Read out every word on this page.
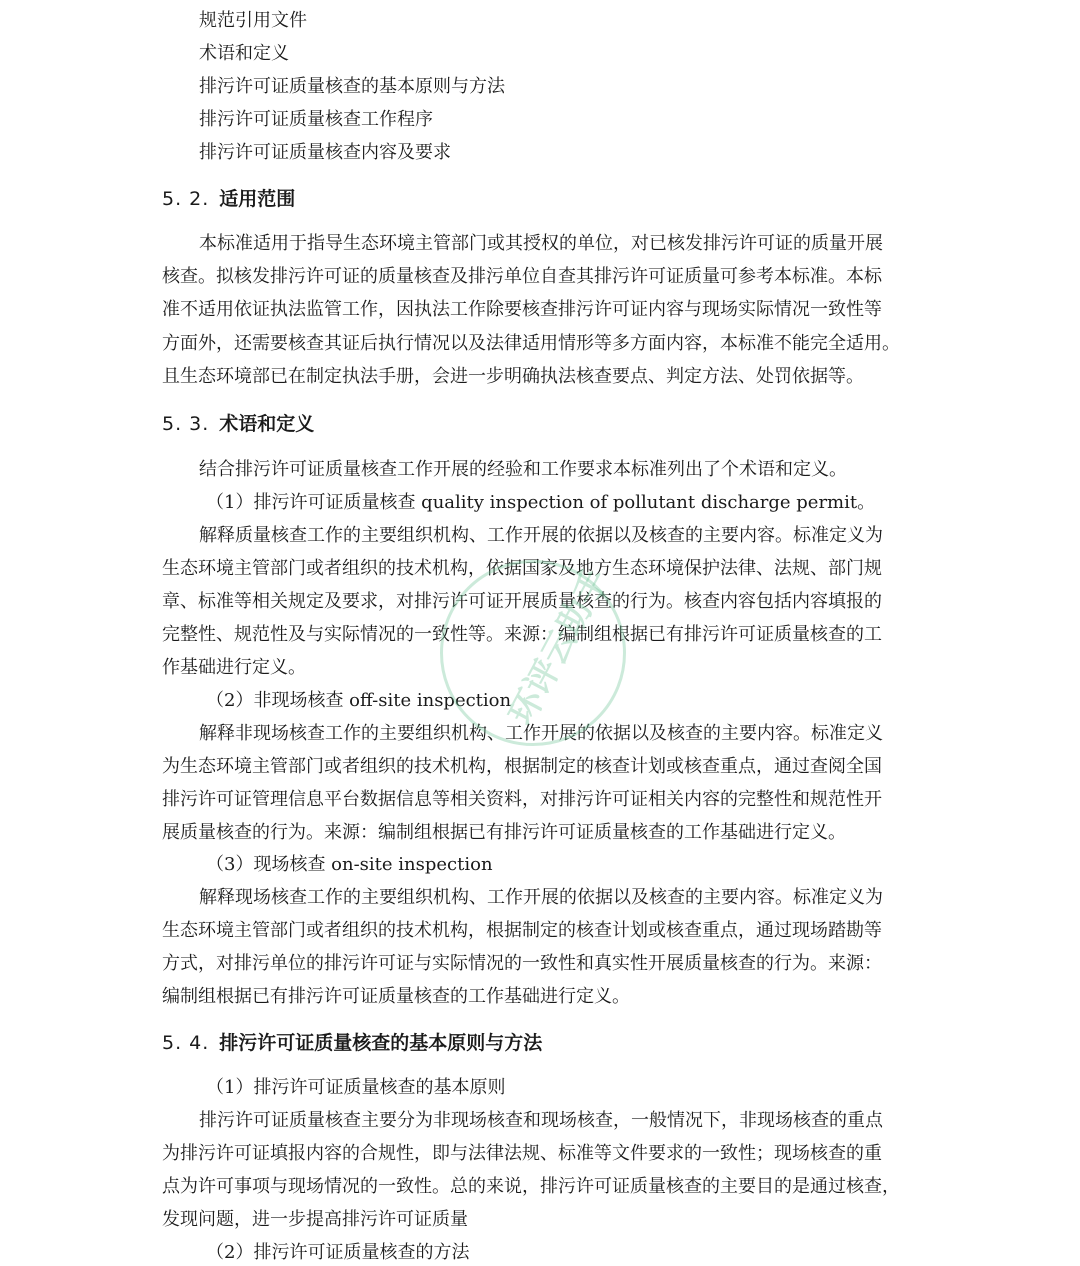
规范引用文件

术语和定义

排污许可证质量核查的基本原则与方法

排污许可证质量核查工作程序

排污许可证质量核查内容及要求

5. 2. 适用范围

本标准适用于指导生态环境主管部门或其授权的单位，对已核发排污许可证的质量开展

核查。拟核发排污许可证的质量核查及排污单位自查其排污许可证质量可参考本标准。本标

准不适用依证执法监管工作，因执法工作除要核查排污许可证内容与现场实际情况一致性等

方面外，还需要核查其证后执行情况以及法律适用情形等多方面内容，本标准不能完全适用。

且生态环境部已在制定执法手册，会进一步明确执法核查要点、判定方法、处罚依据等。

5. 3. 术语和定义

结合排污许可证质量核查工作开展的经验和工作要求本标准列出了个术语和定义。

（1）排污许可证质量核查 quality inspection of pollutant discharge permit。

解释质量核查工作的主要组织机构、工作开展的依据以及核查的主要内容。标准定义为

生态环境主管部门或者组织的技术机构，依据国家及地方生态环境保护法律、法规、部门规

章、标准等相关规定及要求，对排污许可证开展质量核查的行为。核查内容包括内容填报的

完整性、规范性及与实际情况的一致性等。来源：编制组根据已有排污许可证质量核查的工

作基础进行定义。

（2）非现场核查 off-site inspection

解释非现场核查工作的主要组织机构、工作开展的依据以及核查的主要内容。标准定义

为生态环境主管部门或者组织的技术机构，根据制定的核查计划或核查重点，通过查阅全国

排污许可证管理信息平台数据信息等相关资料，对排污许可证相关内容的完整性和规范性开

展质量核查的行为。来源：编制组根据已有排污许可证质量核查的工作基础进行定义。

（3）现场核查 on-site inspection

解释现场核查工作的主要组织机构、工作开展的依据以及核查的主要内容。标准定义为

生态环境主管部门或者组织的技术机构，根据制定的核查计划或核查重点，通过现场踏勘等

方式，对排污单位的排污许可证与实际情况的一致性和真实性开展质量核查的行为。来源：

编制组根据已有排污许可证质量核查的工作基础进行定义。

5. 4. 排污许可证质量核查的基本原则与方法

（1）排污许可证质量核查的基本原则

排污许可证质量核查主要分为非现场核查和现场核查，一般情况下，非现场核查的重点

为排污许可证填报内容的合规性，即与法律法规、标准等文件要求的一致性；现场核查的重

点为许可事项与现场情况的一致性。总的来说，排污许可证质量核查的主要目的是通过核查，

发现问题，进一步提高排污许可证质量

（2）排污许可证质量核查的方法

环评云助手
